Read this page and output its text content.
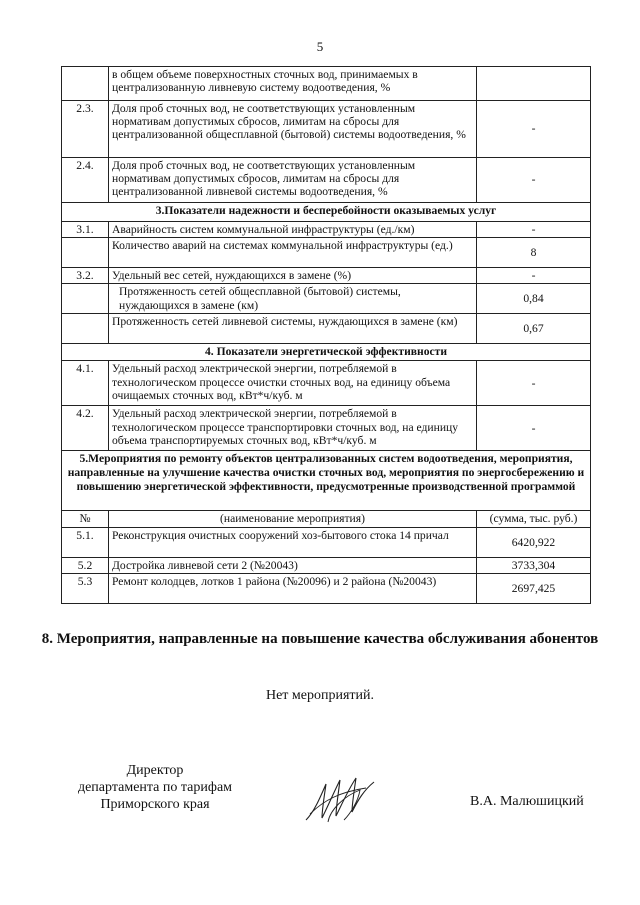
5
	в общем объеме поверхностных сточных вод, принимаемых в централизованную ливневую систему водоотведения, %	
2.3.	Доля проб сточных вод, не соответствующих установленным нормативам допустимых сбросов, лимитам на сбросы для централизованной общесплавной (бытовой) системы водоотведения, %	-
2.4.	Доля проб сточных вод, не соответствующих установленным нормативам допустимых сбросов, лимитам на сбросы для централизованной ливневой системы водоотведения, %	-
3.Показатели надежности и бесперебойности оказываемых услуг		
3.1.	Аварийность систем коммунальной инфраструктуры (ед./км)	-
	Количество аварий на системах коммунальной инфраструктуры (ед.)	8
3.2.	Удельный вес сетей, нуждающихся в замене (%)	-
	Протяженность сетей общесплавной (бытовой) системы, нуждающихся в замене (км)	0,84
	Протяженность сетей ливневой системы, нуждающихся в замене (км)	0,67
4. Показатели энергетической эффективности		
4.1.	Удельный расход электрической энергии, потребляемой в технологическом процессе очистки сточных вод, на единицу объема очищаемых сточных вод, кВт*ч/куб. м	-
4.2.	Удельный расход электрической энергии, потребляемой в технологическом процессе транспортировки сточных вод, на единицу объема транспортируемых сточных вод, кВт*ч/куб. м	-
5.Мероприятия по ремонту объектов централизованных систем водоотведения, мероприятия, направленные на улучшение качества очистки сточных вод, мероприятия по энергосбережению и повышению энергетической эффективности, предусмотренные производственной программой		
№	(наименование мероприятия)	(сумма, тыс. руб.)
5.1.	Реконструкция очистных сооружений хоз-бытового стока 14 причал	6420,922
5.2	Достройка ливневой сети 2 (№20043)	3733,304
5.3	Ремонт колодцев, лотков 1 района (№20096) и 2 района (№20043)	2697,425
8. Мероприятия, направленные на повышение качества обслуживания абонентов
Нет мероприятий.
Директор
департамента по тарифам
Приморского края	В.А. Малюшицкий
